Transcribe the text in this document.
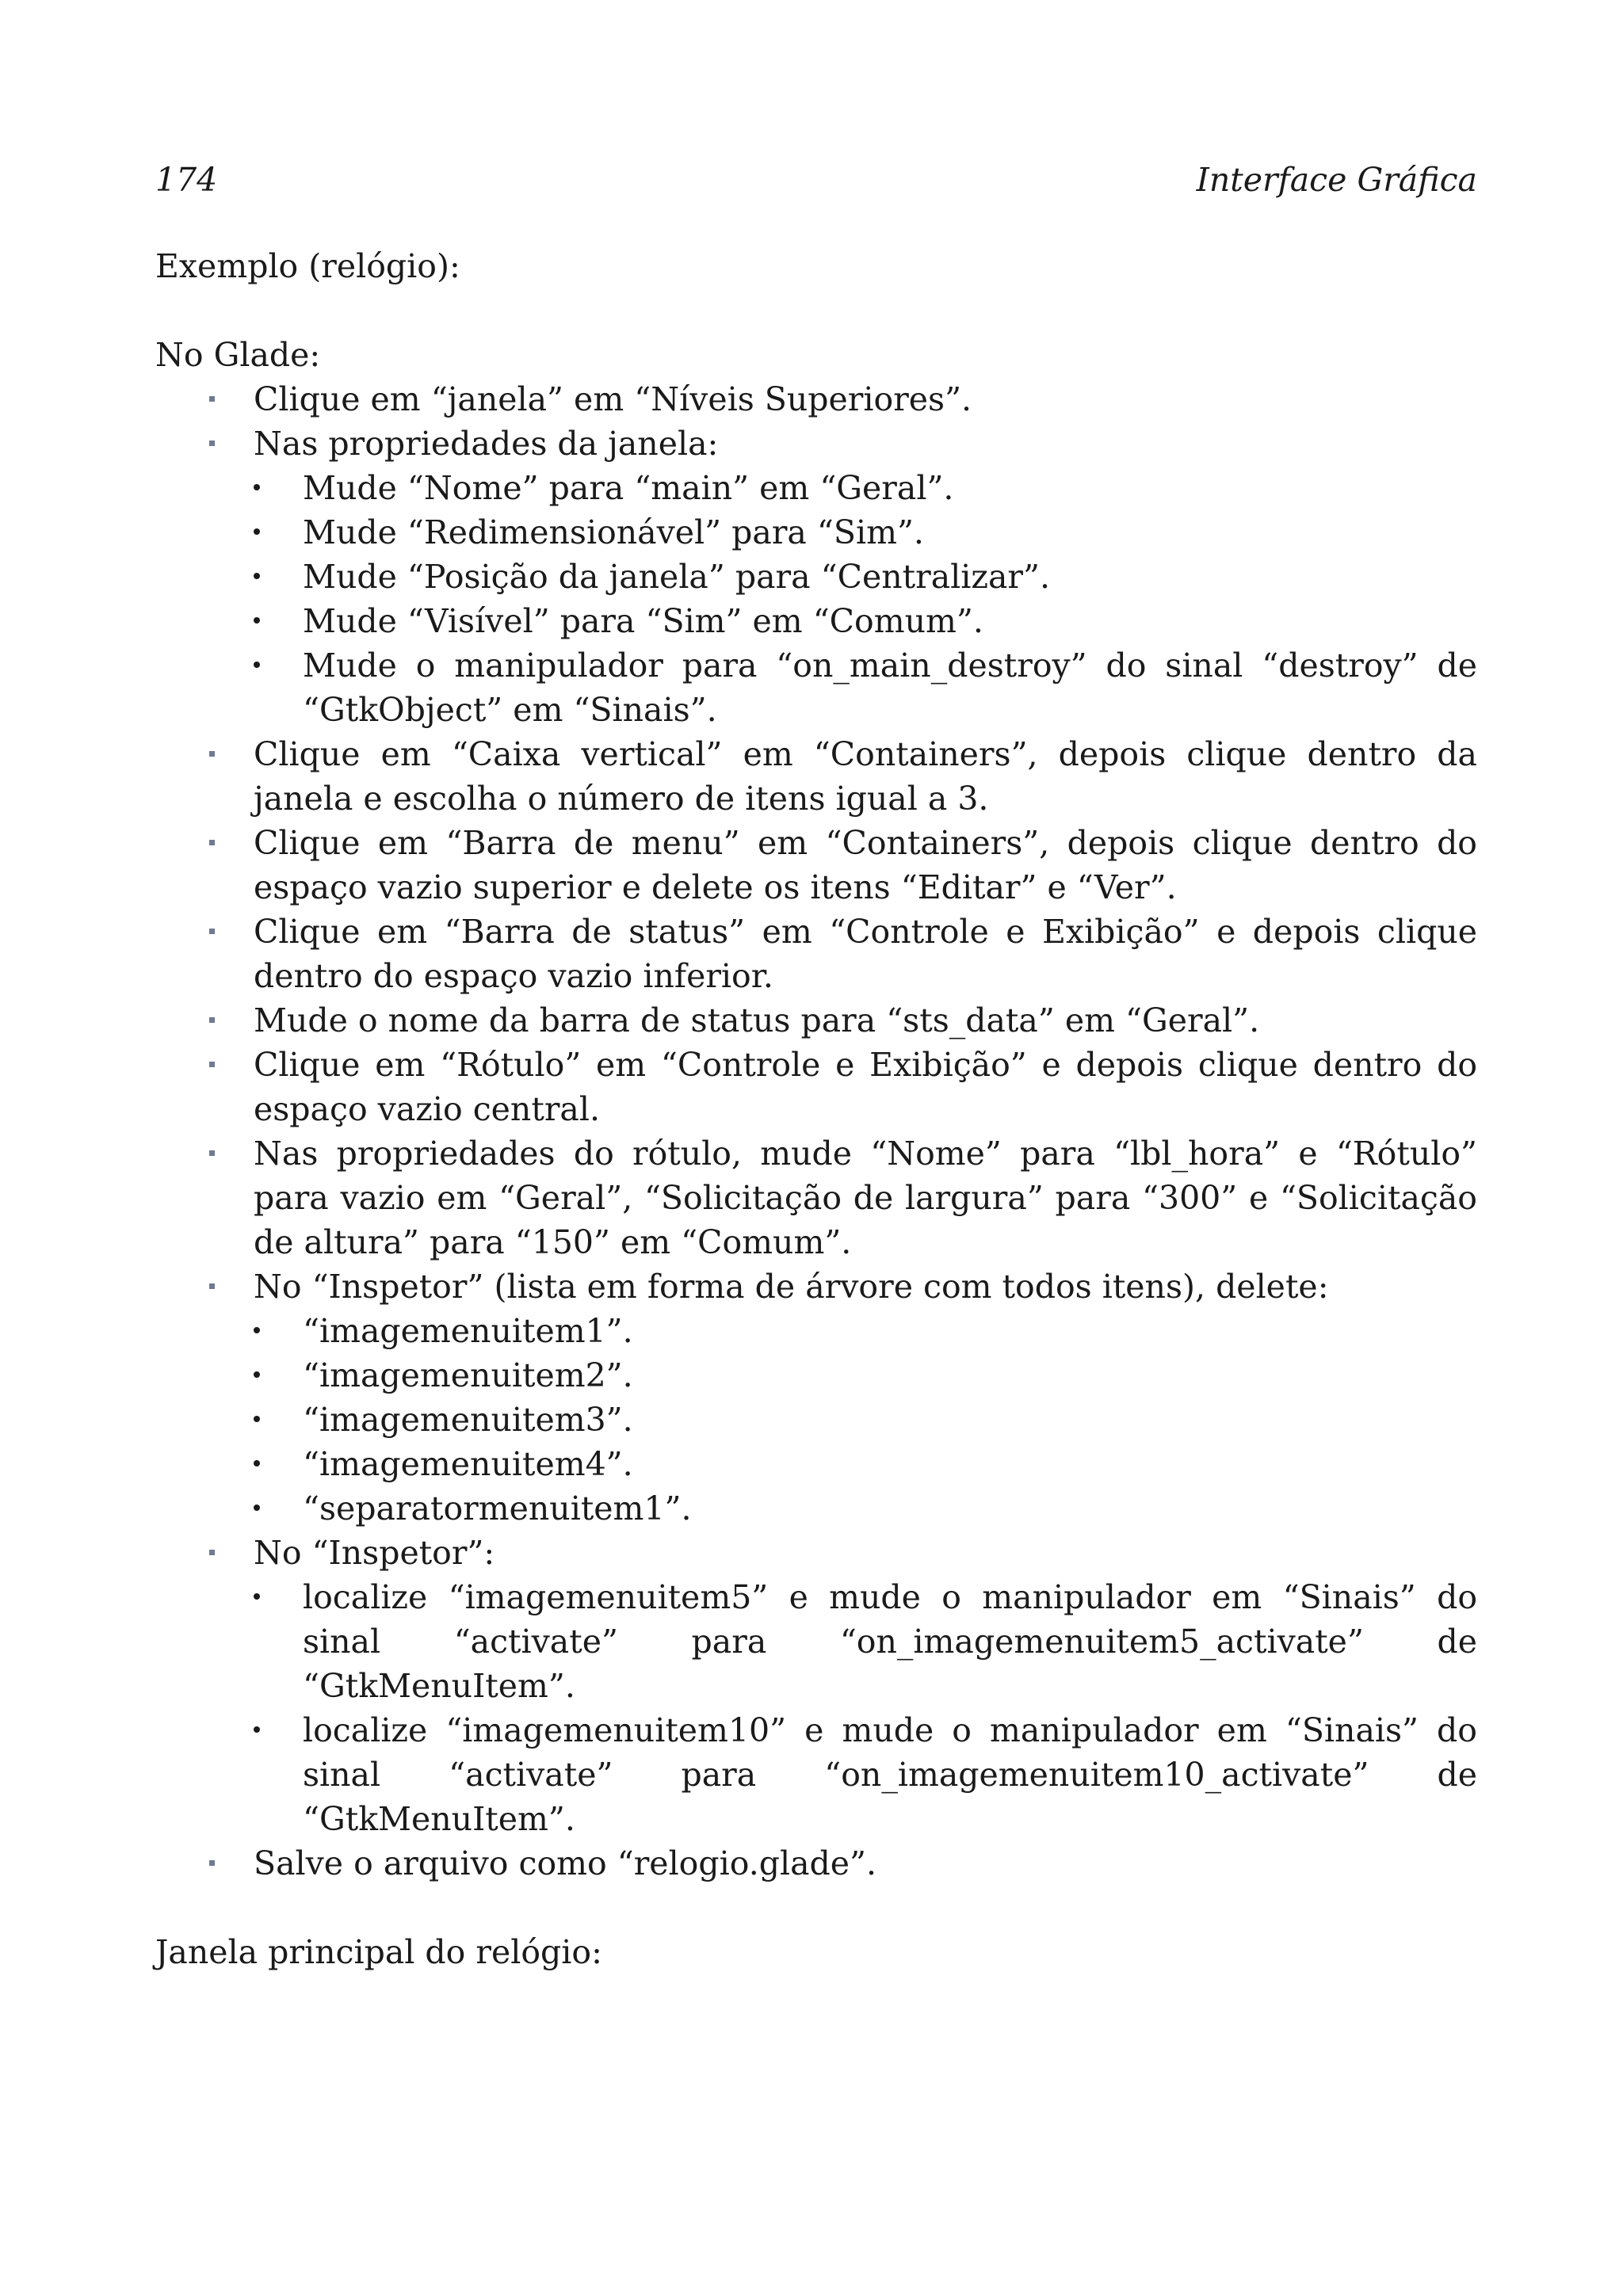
174	Interface Gráfica

Exemplo (relógio):

No Glade:

Clique em “janela” em “Níveis Superiores”.
Nas propriedades da janela:
Mude “Nome” para “main” em “Geral”.
Mude “Redimensionável” para “Sim”.
Mude “Posição da janela” para “Centralizar”.
Mude “Visível” para “Sim” em “Comum”.
Mude o manipulador para “on_main_destroy” do sinal “destroy” de “GtkObject” em “Sinais”.
Clique em “Caixa vertical” em “Containers”, depois clique dentro da janela e escolha o número de itens igual a 3.
Clique em “Barra de menu” em “Containers”, depois clique dentro do espaço vazio superior e delete os itens “Editar” e “Ver”.
Clique em “Barra de status” em “Controle e Exibição” e depois clique dentro do espaço vazio inferior.
Mude o nome da barra de status para “sts_data” em “Geral”.
Clique em “Rótulo” em “Controle e Exibição” e depois clique dentro do espaço vazio central.
Nas propriedades do rótulo, mude “Nome” para “lbl_hora” e “Rótulo” para vazio em “Geral”, “Solicitação de largura” para “300” e “Solicitação de altura” para “150” em “Comum”.
No “Inspetor” (lista em forma de árvore com todos itens), delete:
“imagemenuitem1”.
“imagemenuitem2”.
“imagemenuitem3”.
“imagemenuitem4”.
“separatormenuitem1”.
No “Inspetor”:
localize “imagemenuitem5” e mude o manipulador em “Sinais” do sinal “activate” para “on_imagemenuitem5_activate” de “GtkMenuItem”.
localize “imagemenuitem10” e mude o manipulador em “Sinais” do sinal “activate” para “on_imagemenuitem10_activate” de “GtkMenuItem”.
Salve o arquivo como “relogio.glade”.

Janela principal do relógio:
